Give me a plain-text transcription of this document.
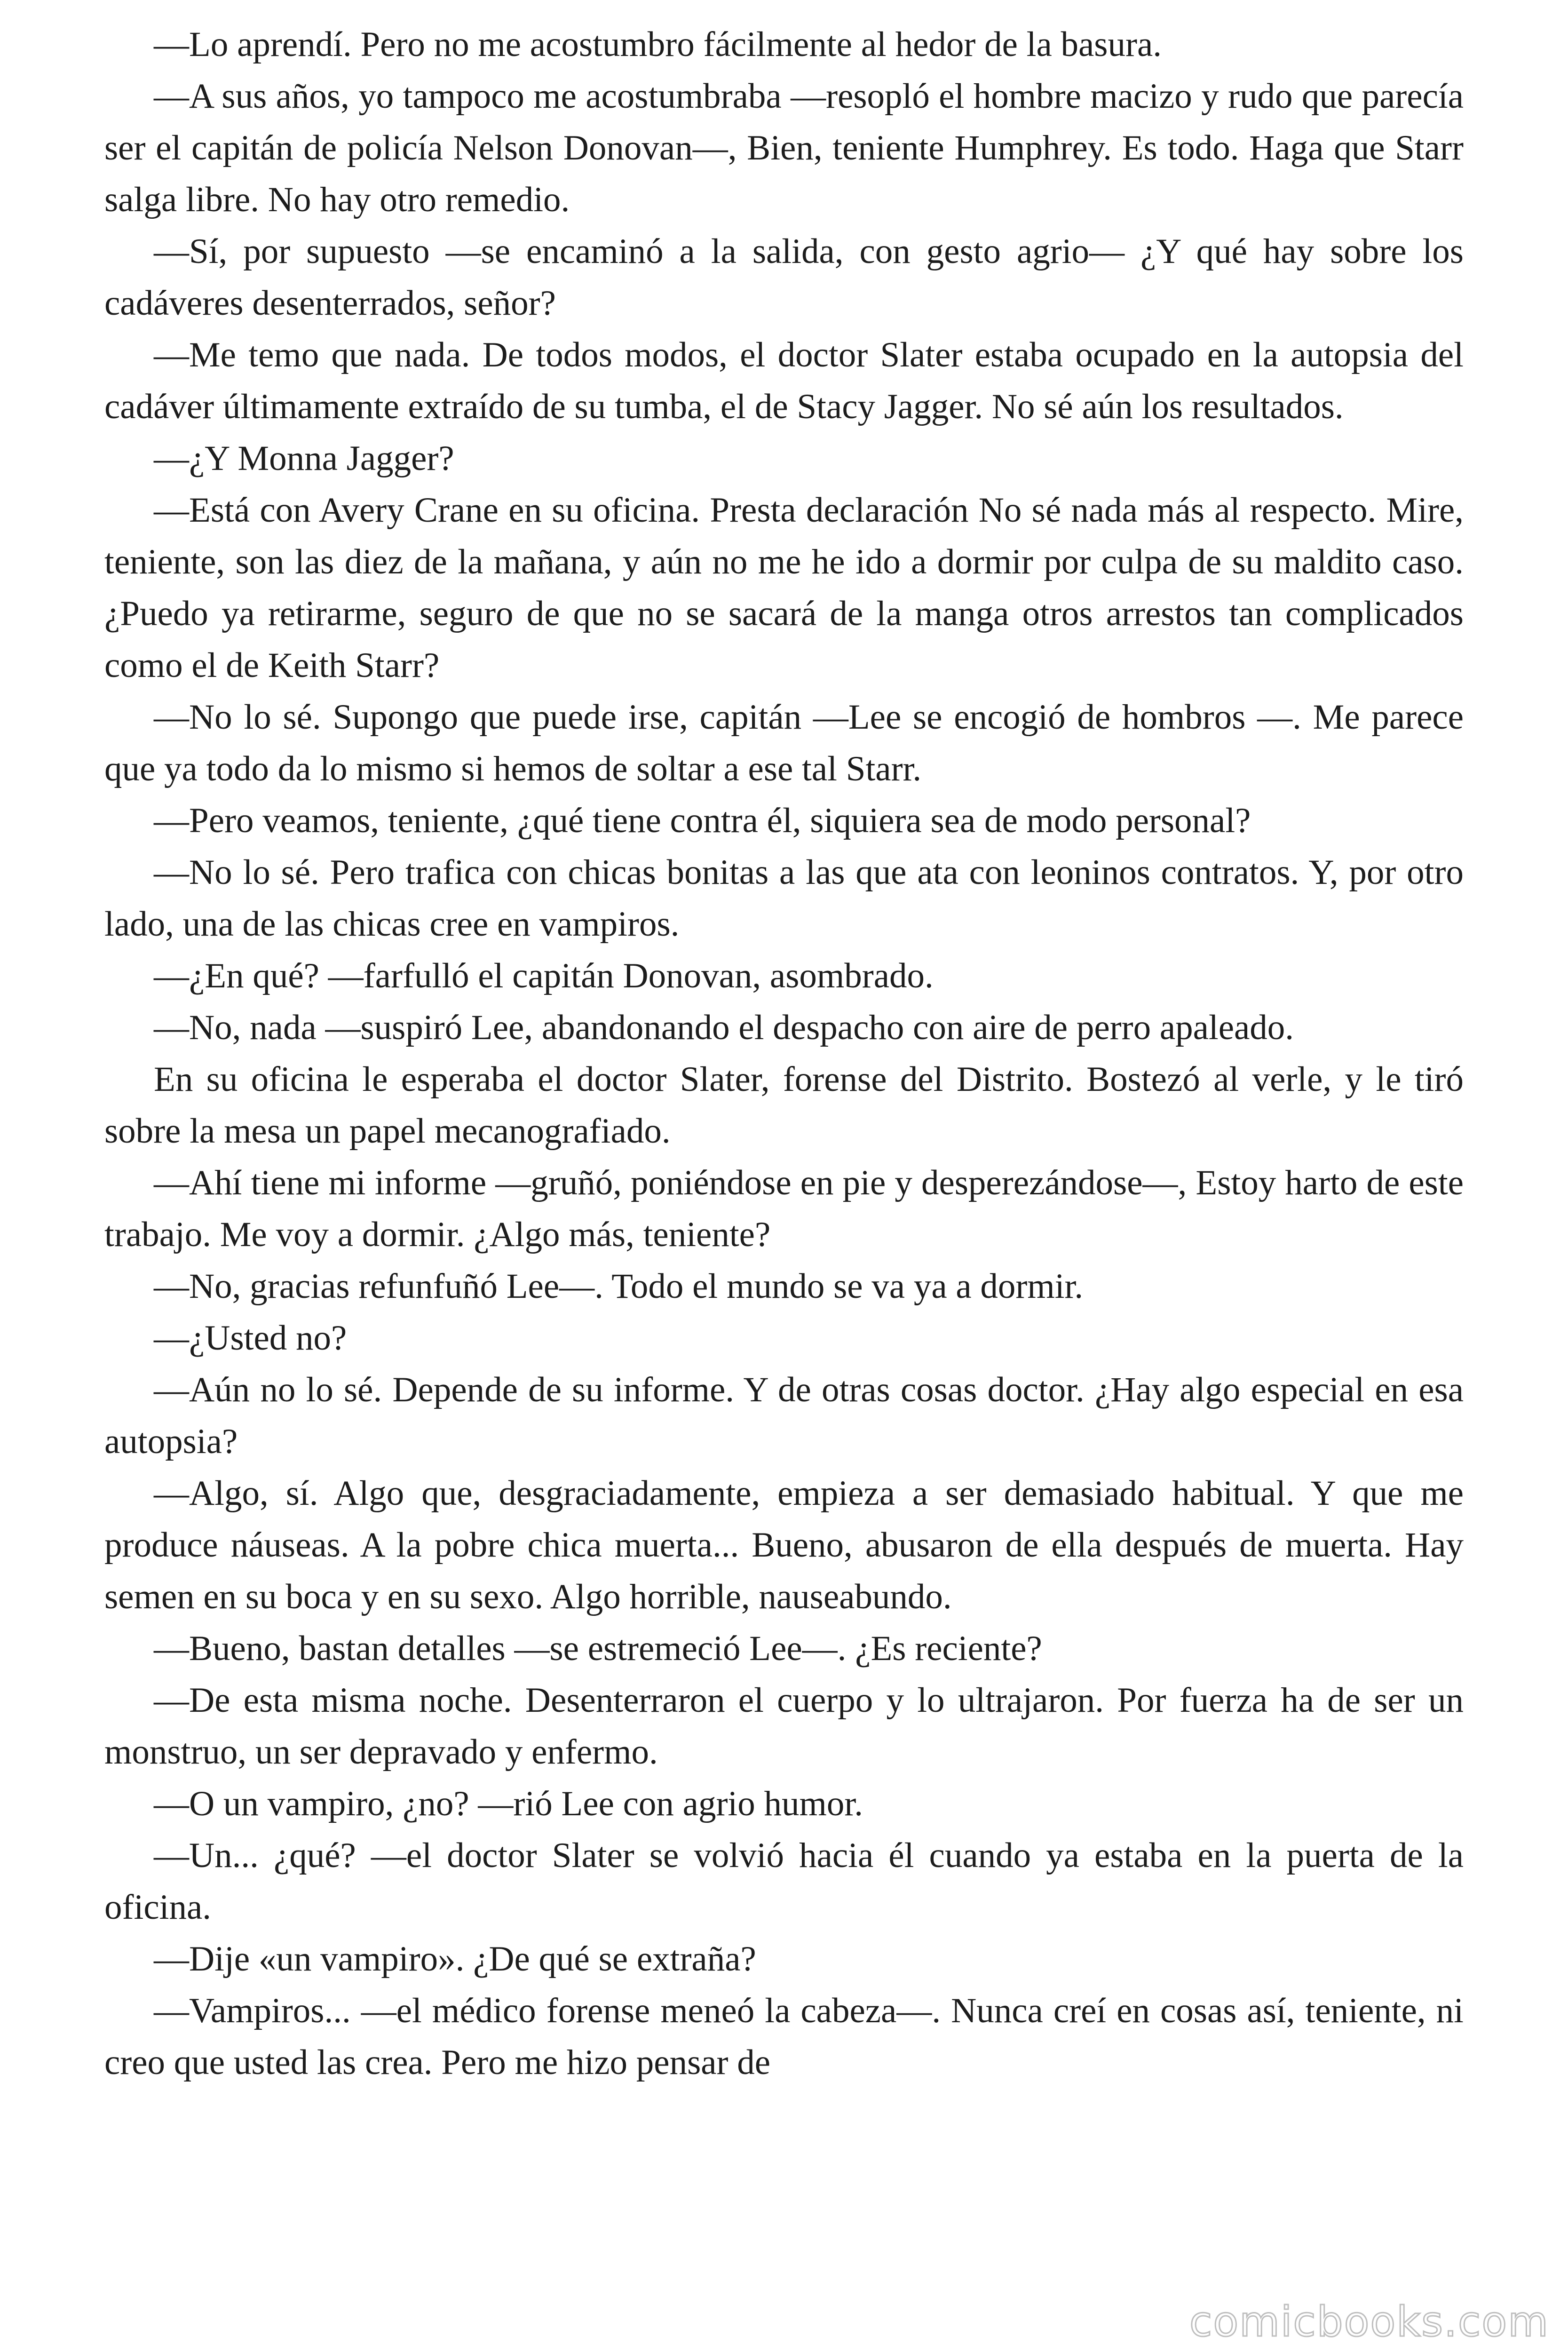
—Lo aprendí. Pero no me acostumbro fácilmente al hedor de la basura.

—A sus años, yo tampoco me acostumbraba —resopló el hombre macizo y rudo que parecía ser el capitán de policía Nelson Donovan—, Bien, teniente Humphrey. Es todo. Haga que Starr salga libre. No hay otro remedio.

—Sí, por supuesto —se encaminó a la salida, con gesto agrio— ¿Y qué hay sobre los cadáveres desenterrados, señor?

—Me temo que nada. De todos modos, el doctor Slater estaba ocupado en la autopsia del cadáver últimamente extraído de su tumba, el de Stacy Jagger. No sé aún los resultados.

—¿Y Monna Jagger?

—Está con Avery Crane en su oficina. Presta declaración No sé nada más al respecto. Mire, teniente, son las diez de la mañana, y aún no me he ido a dormir por culpa de su maldito caso. ¿Puedo ya retirarme, seguro de que no se sacará de la manga otros arrestos tan complicados como el de Keith Starr?

—No lo sé. Supongo que puede irse, capitán —Lee se encogió de hombros —. Me parece que ya todo da lo mismo si hemos de soltar a ese tal Starr.

—Pero veamos, teniente, ¿qué tiene contra él, siquiera sea de modo personal?

—No lo sé. Pero trafica con chicas bonitas a las que ata con leoninos contratos. Y, por otro lado, una de las chicas cree en vampiros.

—¿En qué? —farfulló el capitán Donovan, asombrado.

—No, nada —suspiró Lee, abandonando el despacho con aire de perro apaleado.

En su oficina le esperaba el doctor Slater, forense del Distrito. Bostezó al verle, y le tiró sobre la mesa un papel mecanografiado.

—Ahí tiene mi informe —gruñó, poniéndose en pie y desperezándose—, Estoy harto de este trabajo. Me voy a dormir. ¿Algo más, teniente?

—No, gracias refunfuñó Lee—. Todo el mundo se va ya a dormir.

—¿Usted no?

—Aún no lo sé. Depende de su informe. Y de otras cosas doctor. ¿Hay algo especial en esa autopsia?

—Algo, sí. Algo que, desgraciadamente, empieza a ser demasiado habitual. Y que me produce náuseas. A la pobre chica muerta... Bueno, abusaron de ella después de muerta. Hay semen en su boca y en su sexo. Algo horrible, nauseabundo.

—Bueno, bastan detalles —se estremeció Lee—. ¿Es reciente?

—De esta misma noche. Desenterraron el cuerpo y lo ultrajaron. Por fuerza ha de ser un monstruo, un ser depravado y enfermo.

—O un vampiro, ¿no? —rió Lee con agrio humor.

—Un... ¿qué? —el doctor Slater se volvió hacia él cuando ya estaba en la puerta de la oficina.

—Dije «un vampiro». ¿De qué se extraña?

—Vampiros... —el médico forense meneó la cabeza—. Nunca creí en cosas así, teniente, ni creo que usted las crea. Pero me hizo pensar de

comicbooks.com
